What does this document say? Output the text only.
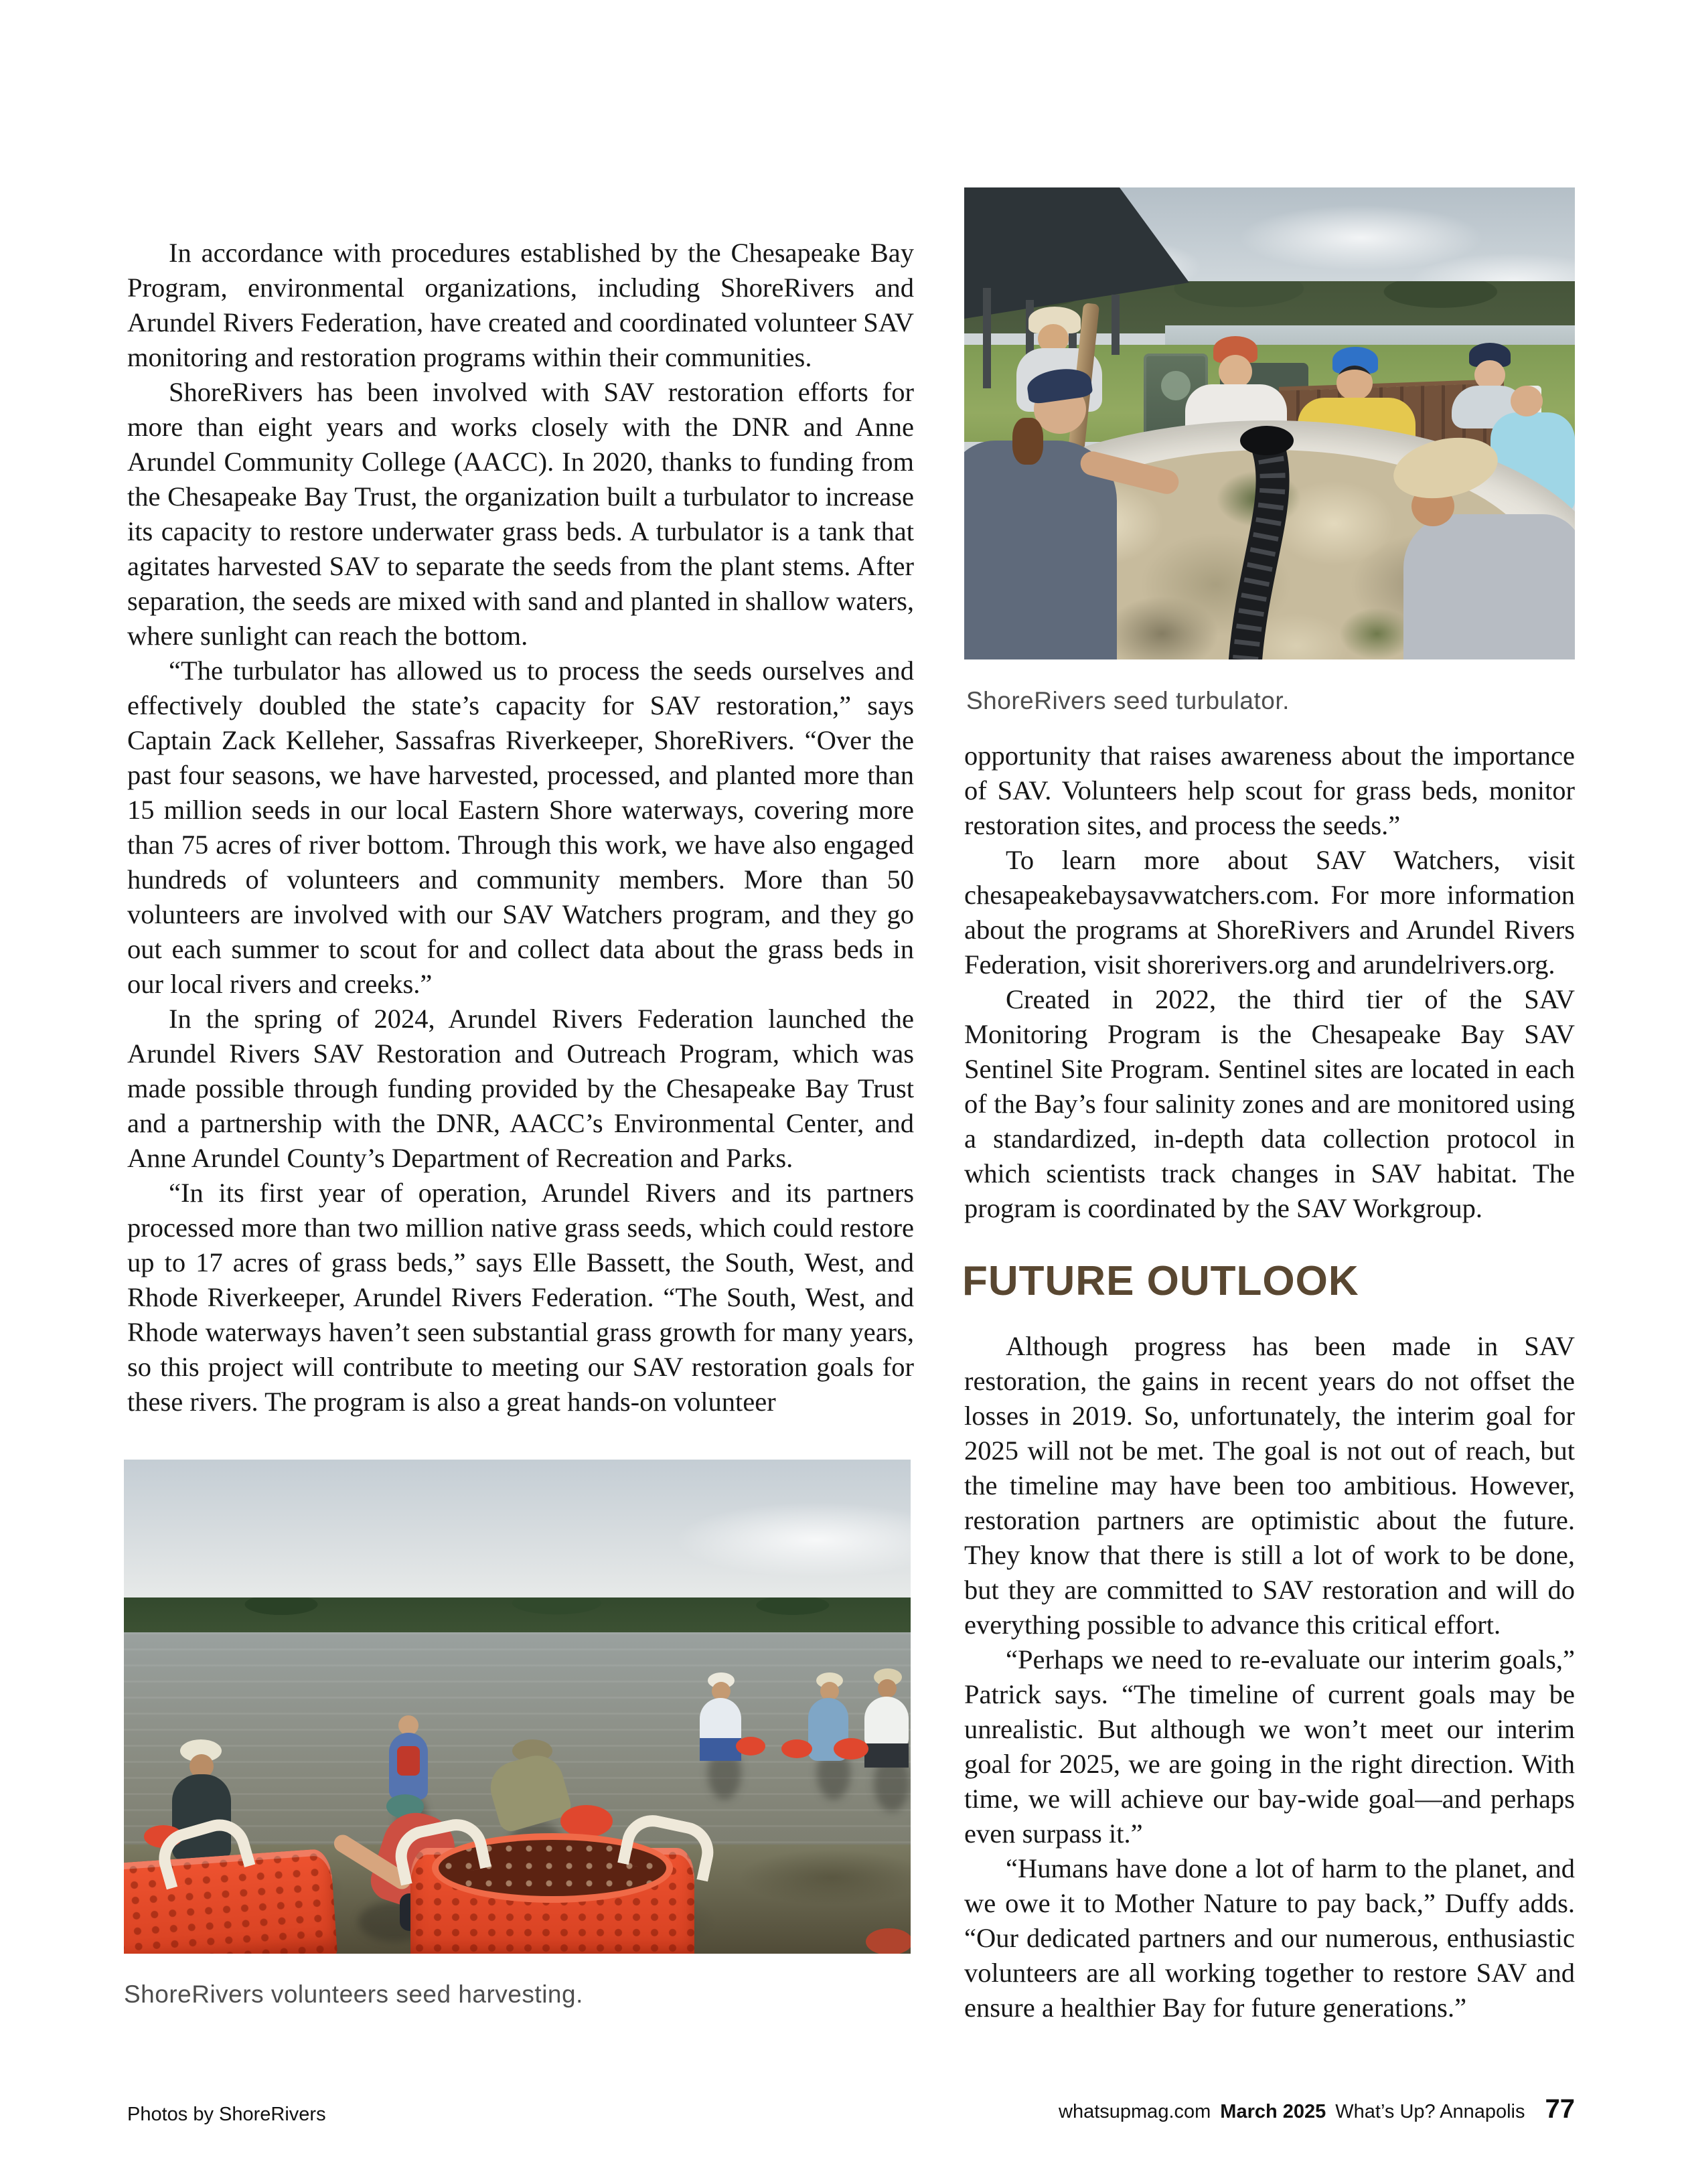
In accordance with procedures established by the Chesapeake Bay Program, environmental organizations, including ShoreRivers and Arundel Rivers Federation, have created and coordinated volunteer SAV monitoring and restoration programs within their communities.

ShoreRivers has been involved with SAV restoration efforts for more than eight years and works closely with the DNR and Anne Arundel Community College (AACC). In 2020, thanks to funding from the Chesapeake Bay Trust, the organization built a turbulator to increase its capacity to restore underwater grass beds. A turbulator is a tank that agitates harvested SAV to separate the seeds from the plant stems. After separation, the seeds are mixed with sand and planted in shallow waters, where sunlight can reach the bottom.

“The turbulator has allowed us to process the seeds ourselves and effectively doubled the state’s capacity for SAV restoration,” says Captain Zack Kelleher, Sassafras Riverkeeper, ShoreRivers. “Over the past four seasons, we have harvested, processed, and planted more than 15 million seeds in our local Eastern Shore waterways, covering more than 75 acres of river bottom. Through this work, we have also engaged hundreds of volunteers and community members. More than 50 volunteers are involved with our SAV Watchers program, and they go out each summer to scout for and collect data about the grass beds in our local rivers and creeks.”

In the spring of 2024, Arundel Rivers Federation launched the Arundel Rivers SAV Restoration and Outreach Program, which was made possible through funding provided by the Chesapeake Bay Trust and a partnership with the DNR, AACC’s Environmental Center, and Anne Arundel County’s Department of Recreation and Parks.

“In its first year of operation, Arundel Rivers and its partners processed more than two million native grass seeds, which could restore up to 17 acres of grass beds,” says Elle Bassett, the South, West, and Rhode Riverkeeper, Arundel Rivers Federation. “The South, West, and Rhode waterways haven’t seen substantial grass growth for many years, so this project will contribute to meeting our SAV restoration goals for these rivers. The program is also a great hands-on volunteer

ShoreRivers seed turbulator.

opportunity that raises awareness about the importance of SAV. Volunteers help scout for grass beds, monitor restoration sites, and process the seeds.”

To learn more about SAV Watchers, visit chesapeakebaysavwatchers.com. For more information about the programs at ShoreRivers and Arundel Rivers Federation, visit shorerivers.org and arundelrivers.org.

Created in 2022, the third tier of the SAV Monitoring Program is the Chesapeake Bay SAV Sentinel Site Program. Sentinel sites are located in each of the Bay’s four salinity zones and are monitored using a standardized, in-depth data collection protocol in which scientists track changes in SAV habitat. The program is coordinated by the SAV Workgroup.

FUTURE OUTLOOK

Although progress has been made in SAV restoration, the gains in recent years do not offset the losses in 2019. So, unfortunately, the interim goal for 2025 will not be met. The goal is not out of reach, but the timeline may have been too ambitious. However, restoration partners are optimistic about the future. They know that there is still a lot of work to be done, but they are committed to SAV restoration and will do everything possible to advance this critical effort.

“Perhaps we need to re-evaluate our interim goals,” Patrick says. “The timeline of current goals may be unrealistic. But although we won’t meet our interim goal for 2025, we are going in the right direction. With time, we will achieve our bay-wide goal—and perhaps even surpass it.”

“Humans have done a lot of harm to the planet, and we owe it to Mother Nature to pay back,” Duffy adds. “Our dedicated partners and our numerous, enthusiastic volunteers are all working together to restore SAV and ensure a healthier Bay for future generations.”

ShoreRivers volunteers seed harvesting.
Photos by ShoreRivers	whatsupmag.com March 2025 What’s Up? Annapolis 77
